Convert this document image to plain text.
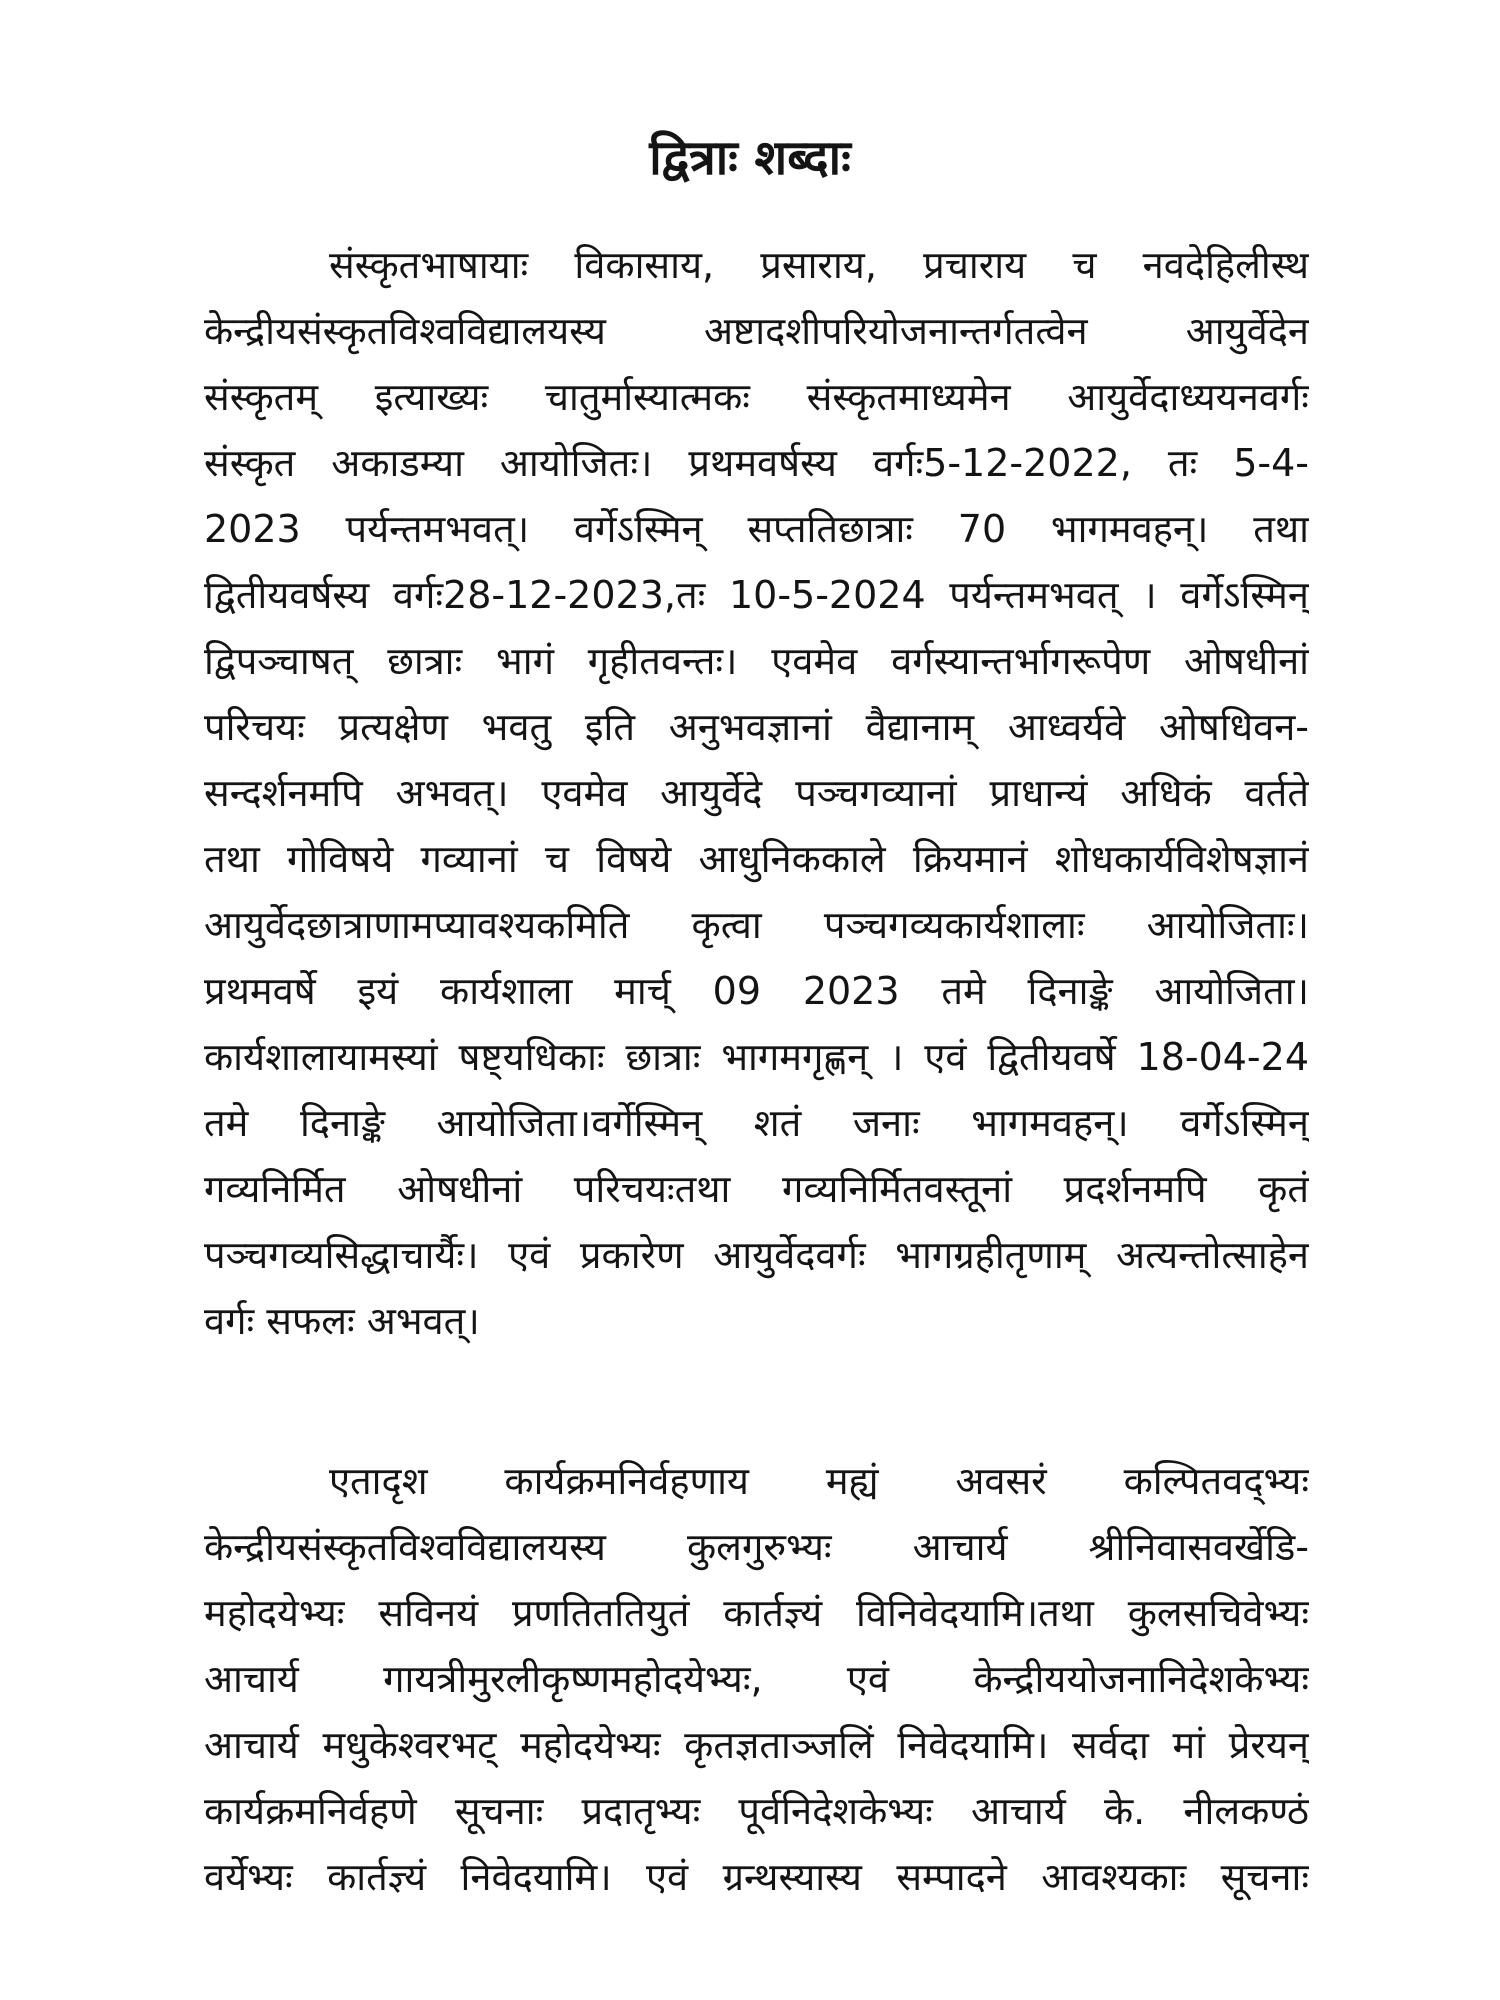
द्वित्राः शब्दाः
संस्कृतभाषायाः विकासाय, प्रसाराय, प्रचाराय च नवदेहिलीस्थ
केन्द्रीयसंस्कृतविश्वविद्यालयस्य अष्टादशीपरियोजनान्तर्गतत्वेन आयुर्वेदेन
संस्कृतम् इत्याख्यः चातुर्मास्यात्मकः संस्कृतमाध्यमेन आयुर्वेदाध्ययनवर्गः
संस्कृत अकाडम्या आयोजितः। प्रथमवर्षस्य वर्गः5-12-2022, तः 5-4-
2023 पर्यन्तमभवत्। वर्गेऽस्मिन् सप्ततिछात्राः 70 भागमवहन्। तथा
द्वितीयवर्षस्य वर्गः28-12-2023,तः 10-5-2024 पर्यन्तमभवत् । वर्गेऽस्मिन्
द्विपञ्चाषत् छात्राः भागं गृहीतवन्तः। एवमेव वर्गस्यान्तर्भागरूपेण ओषधीनां
परिचयः प्रत्यक्षेण भवतु इति अनुभवज्ञानां वैद्यानाम् आध्वर्यवे ओषधिवन-
सन्दर्शनमपि अभवत्। एवमेव आयुर्वेदे पञ्चगव्यानां प्राधान्यं अधिकं वर्तते
तथा गोविषये गव्यानां च विषये आधुनिककाले क्रियमानं शोधकार्यविशेषज्ञानं
आयुर्वेदछात्राणामप्यावश्यकमिति कृत्वा पञ्चगव्यकार्यशालाः आयोजिताः।
प्रथमवर्षे इयं कार्यशाला मार्च् 09 2023 तमे दिनाङ्के आयोजिता।
कार्यशालायामस्यां षष्ट्यधिकाः छात्राः भागमगृह्णन् । एवं द्वितीयवर्षे 18-04-24
तमे दिनाङ्के आयोजिता।वर्गेस्मिन् शतं जनाः भागमवहन्। वर्गेऽस्मिन्
गव्यनिर्मित ओषधीनां परिचयःतथा गव्यनिर्मितवस्तूनां प्रदर्शनमपि कृतं
पञ्चगव्यसिद्धाचार्यैः। एवं प्रकारेण आयुर्वेदवर्गः भागग्रहीतृणाम् अत्यन्तोत्साहेन
वर्गः सफलः अभवत्।
एतादृश कार्यक्रमनिर्वहणाय मह्यं अवसरं कल्पितवद्भ्यः
केन्द्रीयसंस्कृतविश्वविद्यालयस्य कुलगुरुभ्यः आचार्य श्रीनिवासवर्खेडि-
महोदयेभ्यः सविनयं प्रणतिततियुतं कार्तज्ञ्यं विनिवेदयामि।तथा कुलसचिवेभ्यः
आचार्य गायत्रीमुरलीकृष्णमहोदयेभ्यः, एवं केन्द्रीययोजनानिदेशकेभ्यः
आचार्य मधुकेश्वरभट् महोदयेभ्यः कृतज्ञताञ्जलिं निवेदयामि। सर्वदा मां प्रेरयन्
कार्यक्रमनिर्वहणे सूचनाः प्रदातृभ्यः पूर्वनिदेशकेभ्यः आचार्य के. नीलकण्ठं
वर्येभ्यः कार्तज्ञ्यं निवेदयामि। एवं ग्रन्थस्यास्य सम्पादने आवश्यकाः सूचनाः
